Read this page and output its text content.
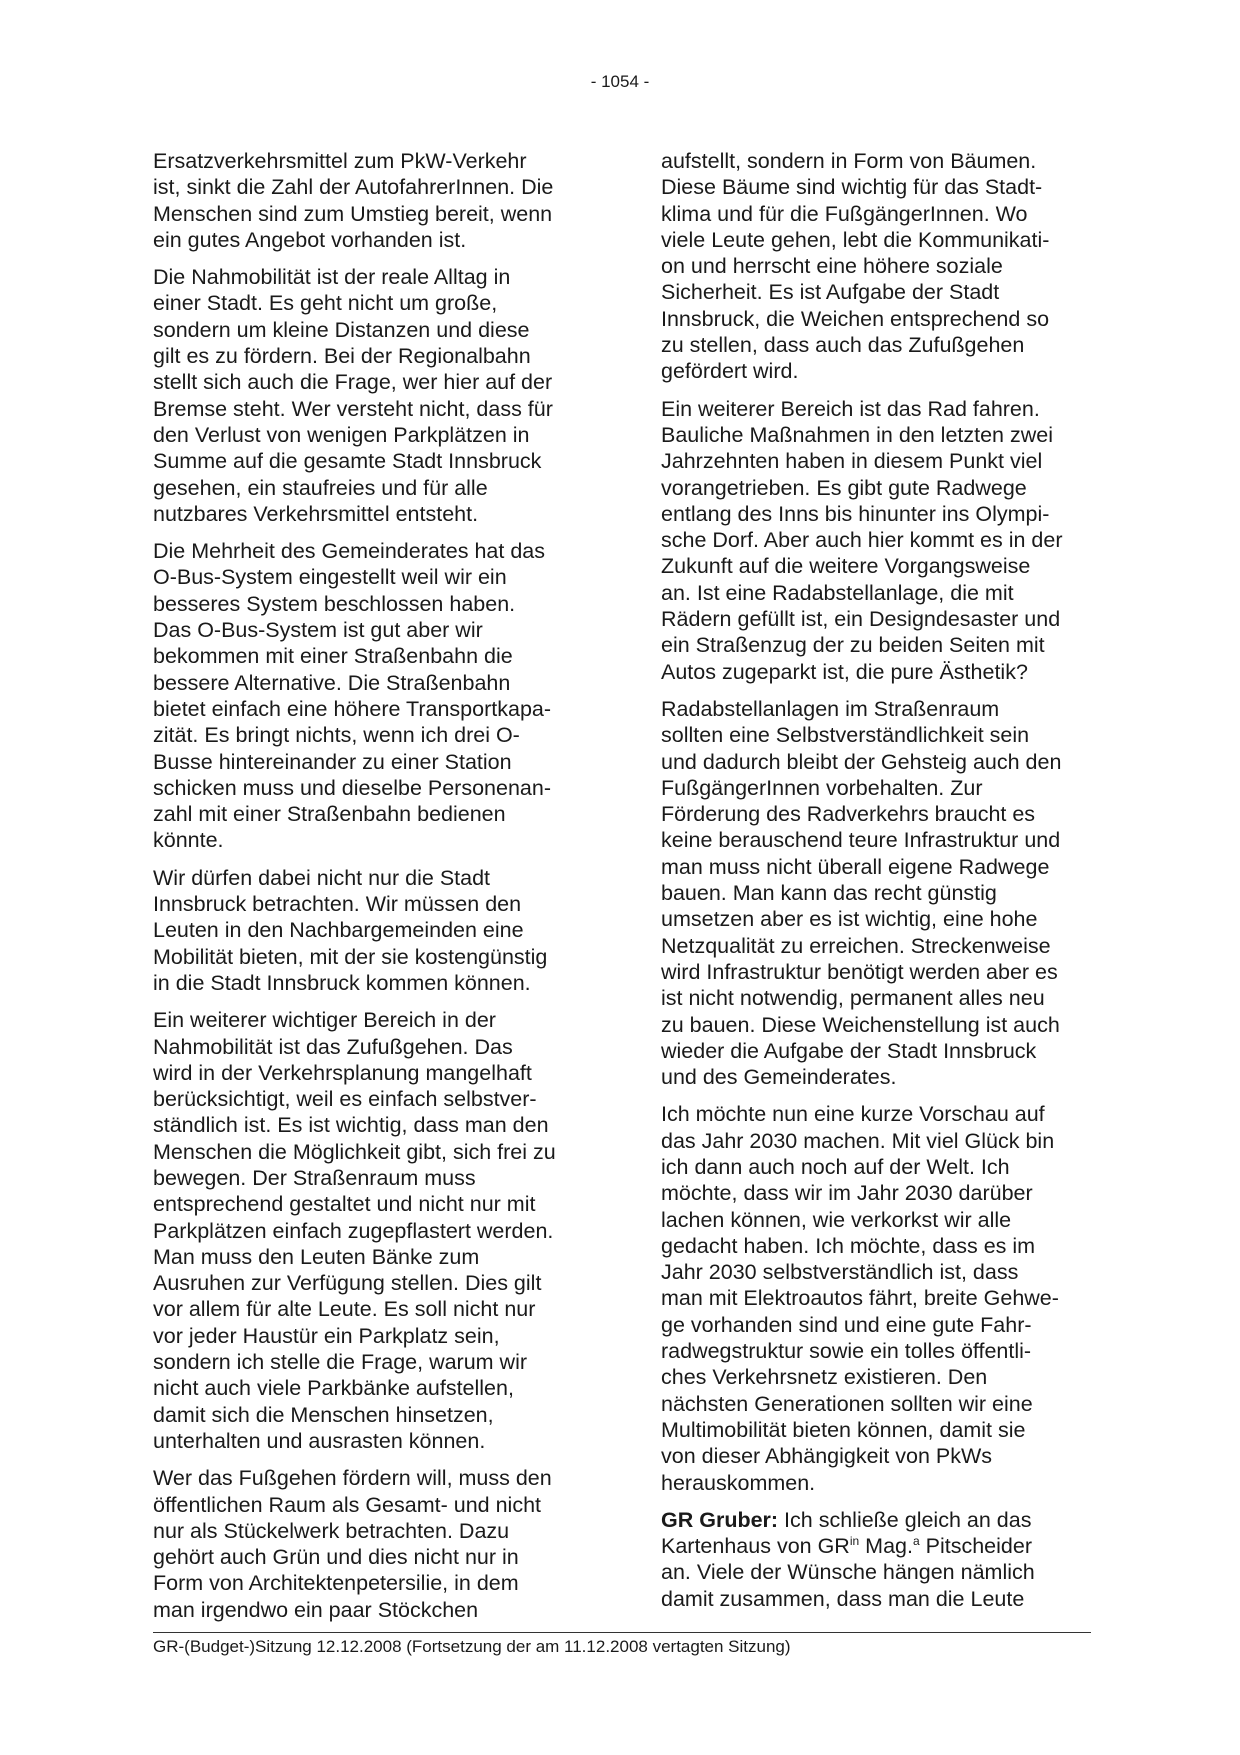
- 1054 -

Ersatzverkehrsmittel zum PkW-Verkehr
ist, sinkt die Zahl der AutofahrerInnen. Die
Menschen sind zum Umstieg bereit, wenn
ein gutes Angebot vorhanden ist.

Die Nahmobilität ist der reale Alltag in
einer Stadt. Es geht nicht um große,
sondern um kleine Distanzen und diese
gilt es zu fördern. Bei der Regionalbahn
stellt sich auch die Frage, wer hier auf der
Bremse steht. Wer versteht nicht, dass für
den Verlust von wenigen Parkplätzen in
Summe auf die gesamte Stadt Innsbruck
gesehen, ein staufreies und für alle
nutzbares Verkehrsmittel entsteht.

Die Mehrheit des Gemeinderates hat das
O-Bus-System eingestellt weil wir ein
besseres System beschlossen haben.
Das O-Bus-System ist gut aber wir
bekommen mit einer Straßenbahn die
bessere Alternative. Die Straßenbahn
bietet einfach eine höhere Transportkapa-
zität. Es bringt nichts, wenn ich drei O-
Busse hintereinander zu einer Station
schicken muss und dieselbe Personenan-
zahl mit einer Straßenbahn bedienen
könnte.

Wir dürfen dabei nicht nur die Stadt
Innsbruck betrachten. Wir müssen den
Leuten in den Nachbargemeinden eine
Mobilität bieten, mit der sie kostengünstig
in die Stadt Innsbruck kommen können.

Ein weiterer wichtiger Bereich in der
Nahmobilität ist das Zufußgehen. Das
wird in der Verkehrsplanung mangelhaft
berücksichtigt, weil es einfach selbstver-
ständlich ist. Es ist wichtig, dass man den
Menschen die Möglichkeit gibt, sich frei zu
bewegen. Der Straßenraum muss
entsprechend gestaltet und nicht nur mit
Parkplätzen einfach zugepflastert werden.
Man muss den Leuten Bänke zum
Ausruhen zur Verfügung stellen. Dies gilt
vor allem für alte Leute. Es soll nicht nur
vor jeder Haustür ein Parkplatz sein,
sondern ich stelle die Frage, warum wir
nicht auch viele Parkbänke aufstellen,
damit sich die Menschen hinsetzen,
unterhalten und ausrasten können.

Wer das Fußgehen fördern will, muss den
öffentlichen Raum als Gesamt- und nicht
nur als Stückelwerk betrachten. Dazu
gehört auch Grün und dies nicht nur in
Form von Architektenpetersilie, in dem
man irgendwo ein paar Stöckchen

aufstellt, sondern in Form von Bäumen.
Diese Bäume sind wichtig für das Stadt-
klima und für die FußgängerInnen. Wo
viele Leute gehen, lebt die Kommunikati-
on und herrscht eine höhere soziale
Sicherheit. Es ist Aufgabe der Stadt
Innsbruck, die Weichen entsprechend so
zu stellen, dass auch das Zufußgehen
gefördert wird.

Ein weiterer Bereich ist das Rad fahren.
Bauliche Maßnahmen in den letzten zwei
Jahrzehnten haben in diesem Punkt viel
vorangetrieben. Es gibt gute Radwege
entlang des Inns bis hinunter ins Olympi-
sche Dorf. Aber auch hier kommt es in der
Zukunft auf die weitere Vorgangsweise
an. Ist eine Radabstellanlage, die mit
Rädern gefüllt ist, ein Designdesaster und
ein Straßenzug der zu beiden Seiten mit
Autos zugeparkt ist, die pure Ästhetik?

Radabstellanlagen im Straßenraum
sollten eine Selbstverständlichkeit sein
und dadurch bleibt der Gehsteig auch den
FußgängerInnen vorbehalten. Zur
Förderung des Radverkehrs braucht es
keine berauschend teure Infrastruktur und
man muss nicht überall eigene Radwege
bauen. Man kann das recht günstig
umsetzen aber es ist wichtig, eine hohe
Netzqualität zu erreichen. Streckenweise
wird Infrastruktur benötigt werden aber es
ist nicht notwendig, permanent alles neu
zu bauen. Diese Weichenstellung ist auch
wieder die Aufgabe der Stadt Innsbruck
und des Gemeinderates.

Ich möchte nun eine kurze Vorschau auf
das Jahr 2030 machen. Mit viel Glück bin
ich dann auch noch auf der Welt. Ich
möchte, dass wir im Jahr 2030 darüber
lachen können, wie verkorkst wir alle
gedacht haben. Ich möchte, dass es im
Jahr 2030 selbstverständlich ist, dass
man mit Elektroautos fährt, breite Gehwe-
ge vorhanden sind und eine gute Fahr-
radwegstruktur sowie ein tolles öffentli-
ches Verkehrsnetz existieren. Den
nächsten Generationen sollten wir eine
Multimobilität bieten können, damit sie
von dieser Abhängigkeit von PkWs
herauskommen.

GR Gruber: Ich schließe gleich an das
Kartenhaus von $GR^{in}$ Mag.$^a$ Pitscheider
an. Viele der Wünsche hängen nämlich
damit zusammen, dass man die Leute

GR-(Budget-)Sitzung 12.12.2008 (Fortsetzung der am 11.12.2008 vertagten Sitzung)
